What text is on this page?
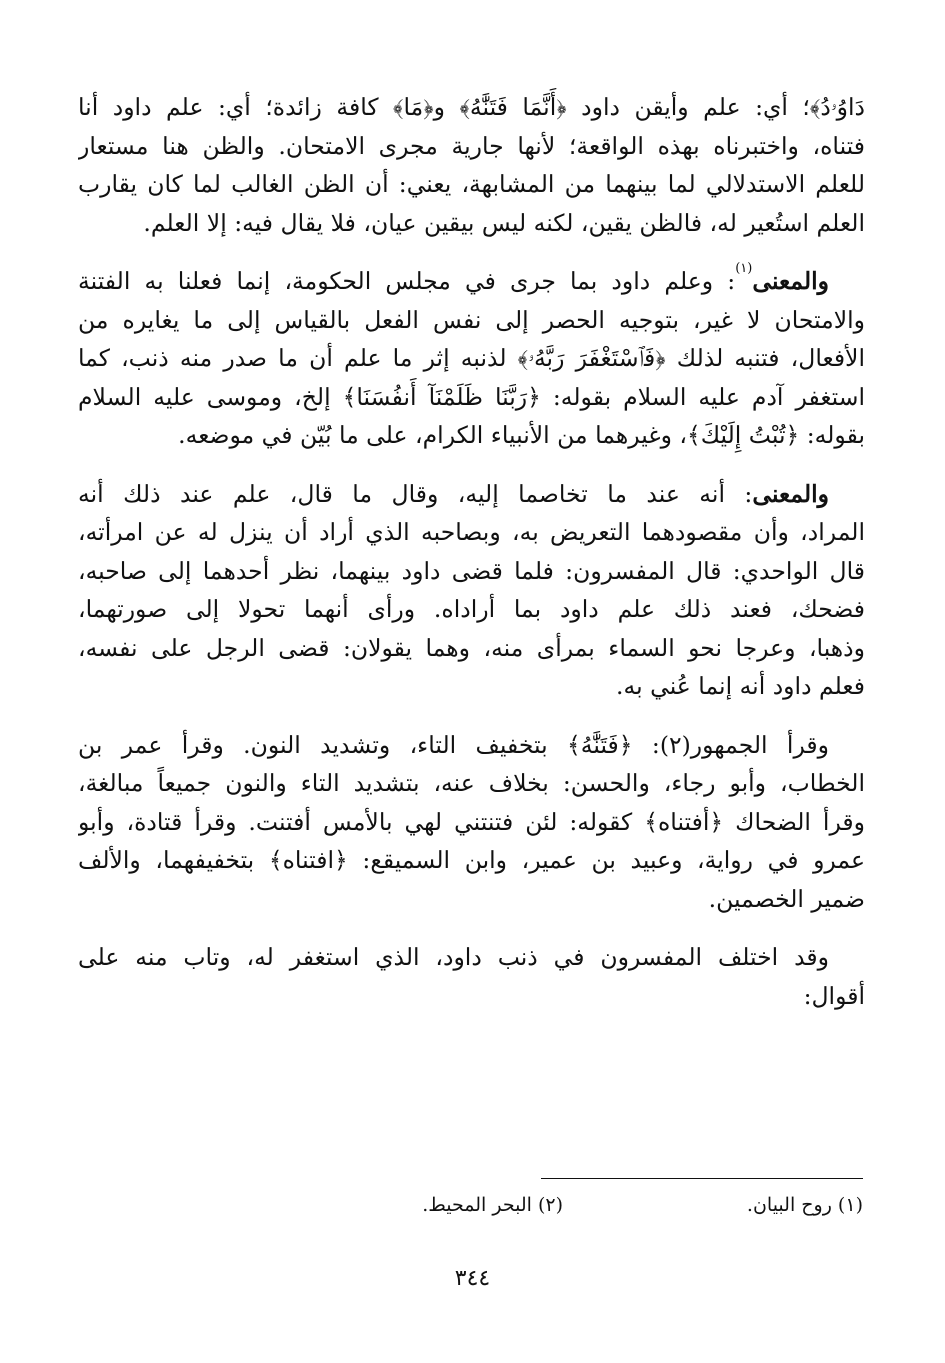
دَاوُۥدُ﴾؛ أي: علم وأيقن داود ﴿أَنَّمَا فَتَنَّٰهُ﴾ و﴿مَا﴾ كافة زائدة؛ أي: علم داود أنا
فتناه، واختبرناه بهذه الواقعة؛ لأنها جارية مجرى الامتحان. والظن هنا مستعار
للعلم الاستدلالي لما بينهما من المشابهة، يعني: أن الظن الغالب لما كان يقارب
العلم استُعير له، فالظن يقين، لكنه ليس بيقين عيان، فلا يقال فيه: إلا العلم.

والمعنى$^{(١)}$: وعلم داود بما جرى في مجلس الحكومة، إنما فعلنا به الفتنة
والامتحان لا غير، بتوجيه الحصر إلى نفس الفعل بالقياس إلى ما يغايره من
الأفعال، فتنبه لذلك ﴿فَٱسْتَغْفَرَ رَبَّهُۥ﴾ لذنبه إثر ما علم أن ما صدر منه ذنب، كما
استغفر آدم عليه السلام بقوله: ﴿رَبَّنَا ظَلَمْنَآ أَنفُسَنَا﴾ إلخ، وموسى عليه السلام
بقوله: ﴿تُبْتُ إِلَيْكَ﴾، وغيرهما من الأنبياء الكرام، على ما بُيّن في موضعه.

والمعنى: أنه عند ما تخاصما إليه، وقال ما قال، علم عند ذلك أنه
المراد، وأن مقصودهما التعريض به، وبصاحبه الذي أراد أن ينزل له عن امرأته،
قال الواحدي: قال المفسرون: فلما قضى داود بينهما، نظر أحدهما إلى صاحبه،
فضحك، فعند ذلك علم داود بما أراداه. ورأى أنهما تحولا إلى صورتهما،
وذهبا، وعرجا نحو السماء بمرأى منه، وهما يقولان: قضى الرجل على نفسه،
فعلم داود أنه إنما عُني به.

وقرأ الجمهور(٢): ﴿فَتَنَّٰهُ﴾ بتخفيف التاء، وتشديد النون. وقرأ عمر بن
الخطاب، وأبو رجاء، والحسن: بخلاف عنه، بتشديد التاء والنون جميعاً مبالغة،
وقرأ الضحاك ﴿أفتناه﴾ كقوله: لئن فتنتني لهي بالأمس أفتنت. وقرأ قتادة، وأبو
عمرو في رواية، وعبيد بن عمير، وابن السميقع: ﴿افتناه﴾ بتخفيفهما، والألف
ضمير الخصمين.

وقد اختلف المفسرون في ذنب داود، الذي استغفر له، وتاب منه على
أقوال:

(١) روح البيان.
(٢) البحر المحيط.
٣٤٤
